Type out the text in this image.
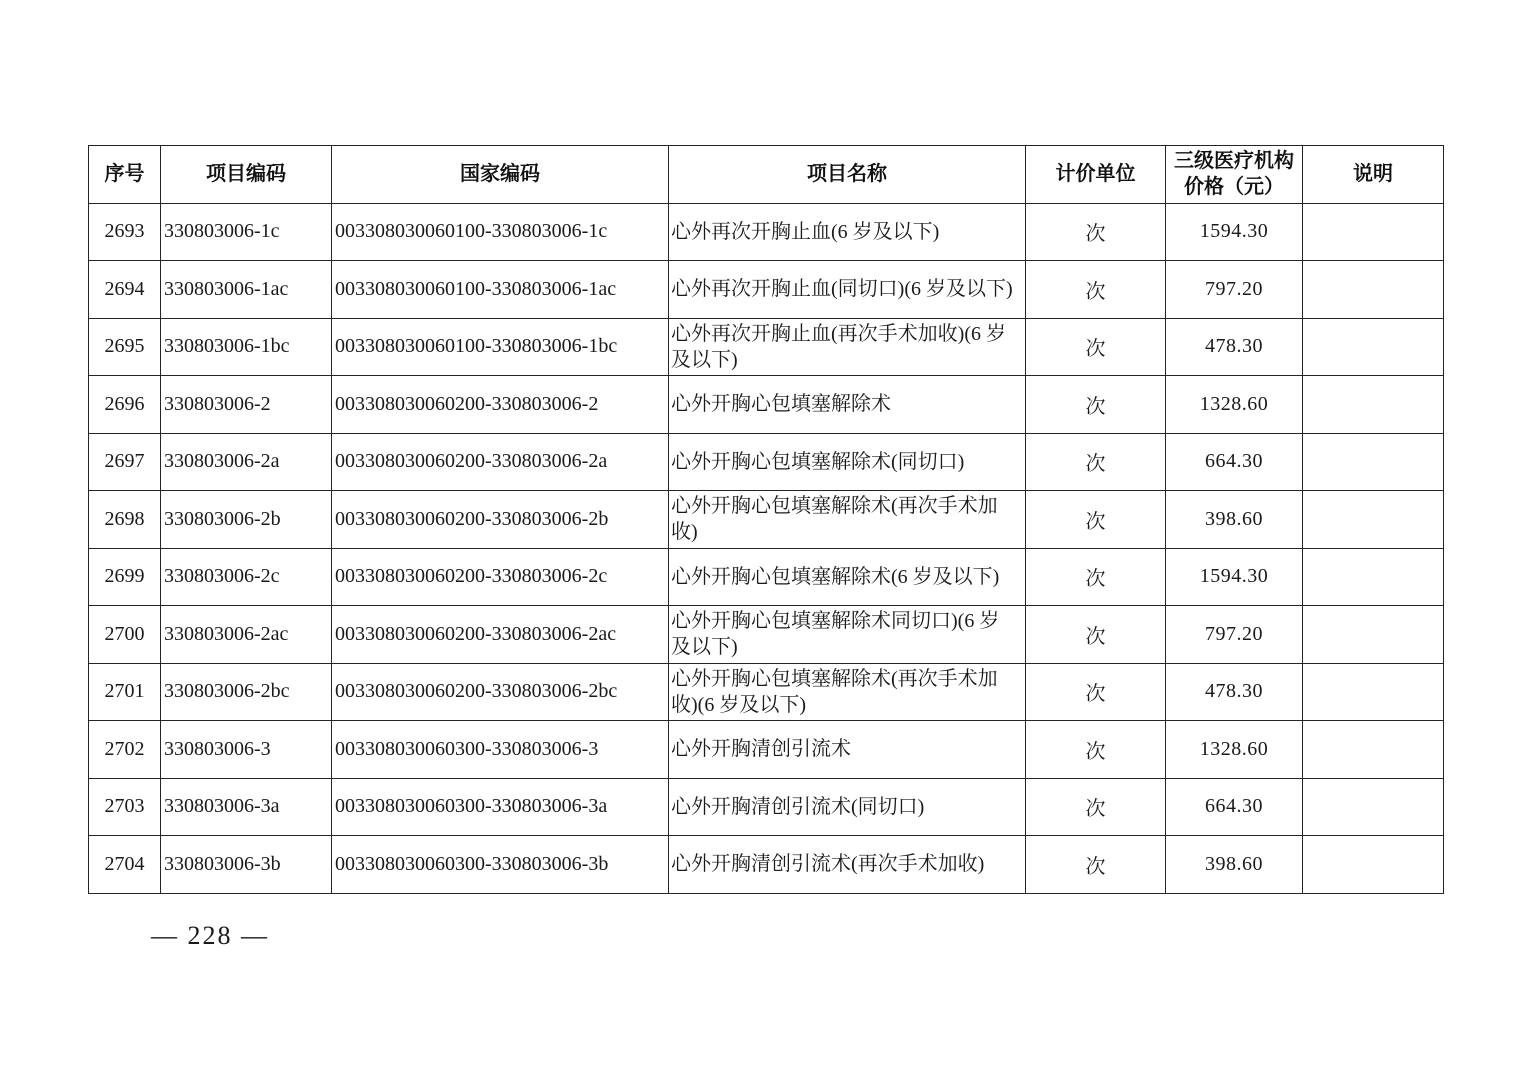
序号	项目编码	国家编码	项目名称	计价单位	三级医疗机构价格（元）	说明
2693	330803006-1c	003308030060100-330803006-1c	心外再次开胸止血(6 岁及以下)	次	1594.30	
2694	330803006-1ac	003308030060100-330803006-1ac	心外再次开胸止血(同切口)(6 岁及以下)	次	797.20	
2695	330803006-1bc	003308030060100-330803006-1bc	心外再次开胸止血(再次手术加收)(6 岁及以下)	次	478.30	
2696	330803006-2	003308030060200-330803006-2	心外开胸心包填塞解除术	次	1328.60	
2697	330803006-2a	003308030060200-330803006-2a	心外开胸心包填塞解除术(同切口)	次	664.30	
2698	330803006-2b	003308030060200-330803006-2b	心外开胸心包填塞解除术(再次手术加收)	次	398.60	
2699	330803006-2c	003308030060200-330803006-2c	心外开胸心包填塞解除术(6 岁及以下)	次	1594.30	
2700	330803006-2ac	003308030060200-330803006-2ac	心外开胸心包填塞解除术同切口)(6 岁及以下)	次	797.20	
2701	330803006-2bc	003308030060200-330803006-2bc	心外开胸心包填塞解除术(再次手术加收)(6 岁及以下)	次	478.30	
2702	330803006-3	003308030060300-330803006-3	心外开胸清创引流术	次	1328.60	
2703	330803006-3a	003308030060300-330803006-3a	心外开胸清创引流术(同切口)	次	664.30	
2704	330803006-3b	003308030060300-330803006-3b	心外开胸清创引流术(再次手术加收)	次	398.60	
— 228 —
